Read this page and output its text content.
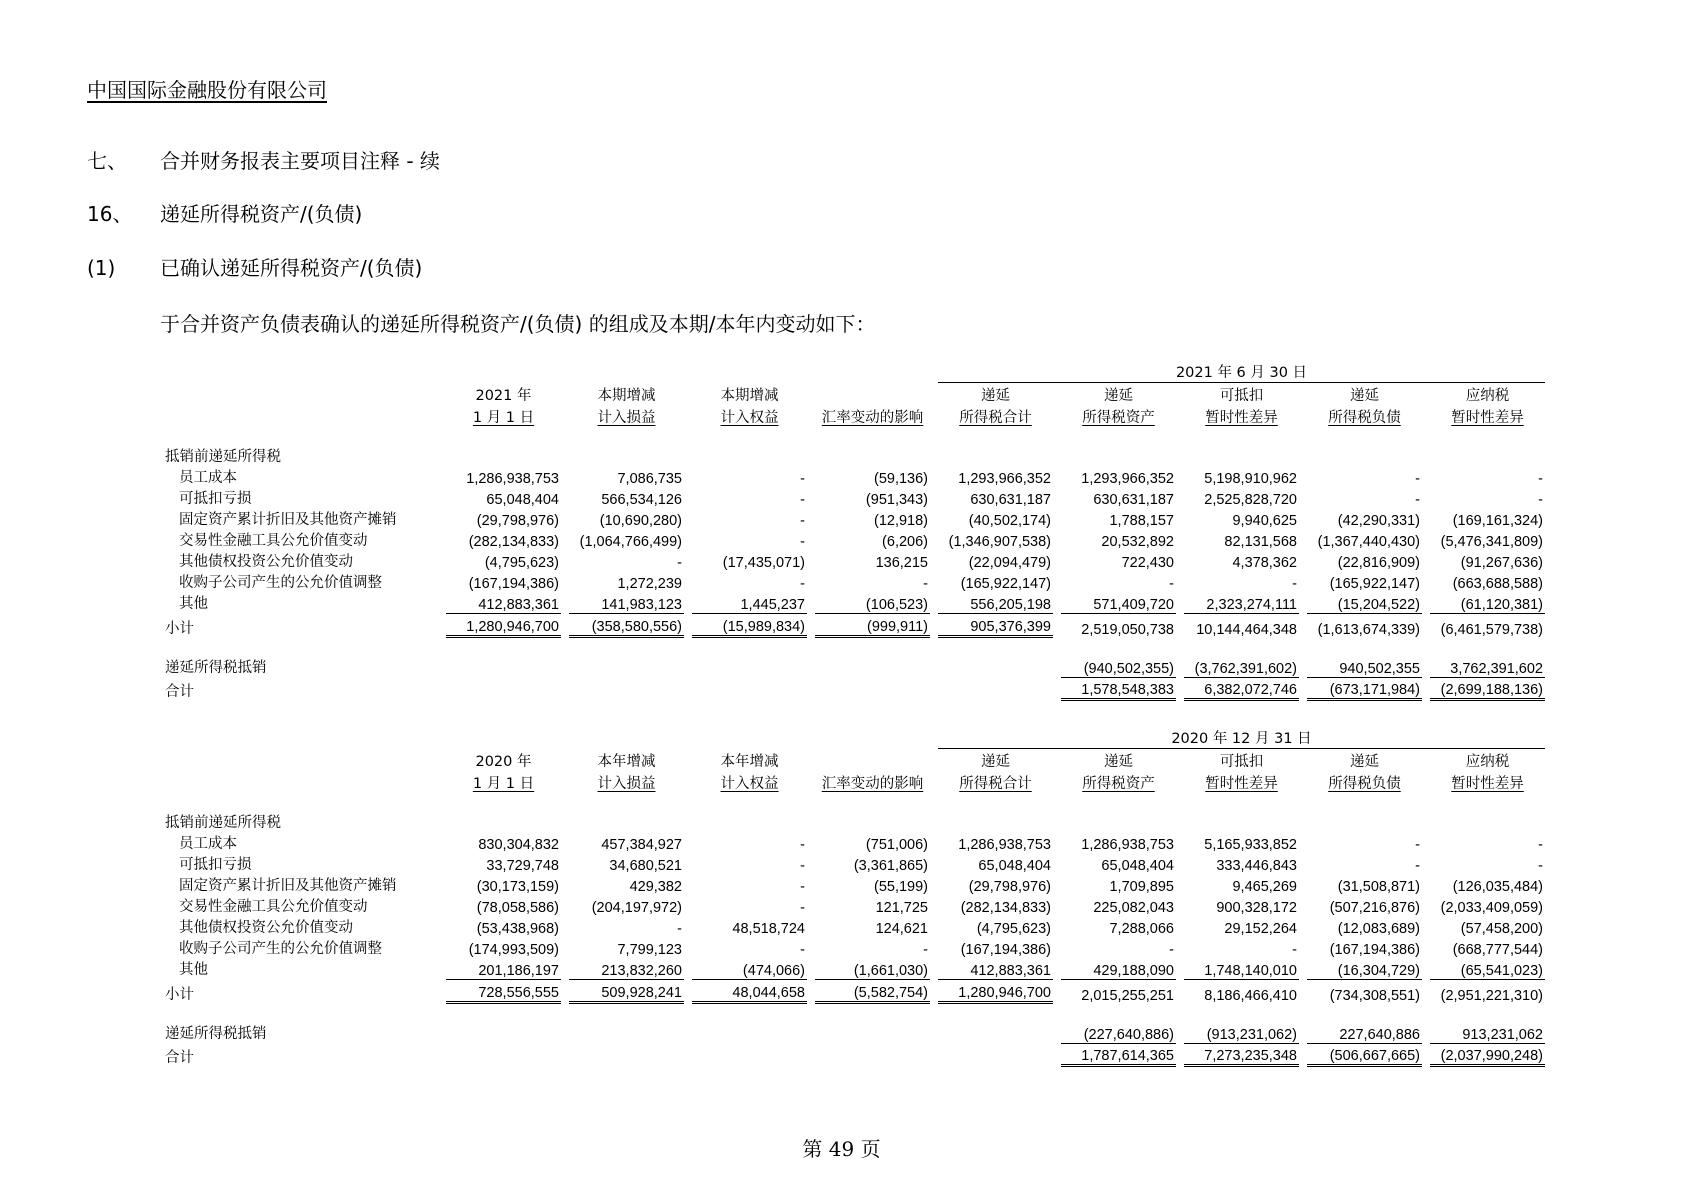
中国国际金融股份有限公司
七、 合并财务报表主要项目注释 - 续
16、 递延所得税资产/(负债)
(1) 已确认递延所得税资产/(负债)
于合并资产负债表确认的递延所得税资产/(负债) 的组成及本期/本年内变动如下：
					2021 年 6 月 30 日				
	2021 年	本期增减	本期增减		递延	递延	可抵扣	递延	应纳税
	1 月 1 日	计入损益	计入权益	汇率变动的影响	所得税合计	所得税资产	暂时性差异	所得税负债	暂时性差异

抵销前递延所得税									
员工成本	1,286,938,753	7,086,735	-	(59,136)	1,293,966,352	1,293,966,352	5,198,910,962	-	-
可抵扣亏损	65,048,404	566,534,126	-	(951,343)	630,631,187	630,631,187	2,525,828,720	-	-
固定资产累计折旧及其他资产摊销	(29,798,976)	(10,690,280)	-	(12,918)	(40,502,174)	1,788,157	9,940,625	(42,290,331)	(169,161,324)
交易性金融工具公允价值变动	(282,134,833)	(1,064,766,499)	-	(6,206)	(1,346,907,538)	20,532,892	82,131,568	(1,367,440,430)	(5,476,341,809)
其他债权投资公允价值变动	(4,795,623)	-	(17,435,071)	136,215	(22,094,479)	722,430	4,378,362	(22,816,909)	(91,267,636)
收购子公司产生的公允价值调整	(167,194,386)	1,272,239	-	-	(165,922,147)	-	-	(165,922,147)	(663,688,588)
其他	412,883,361	141,983,123	1,445,237	(106,523)	556,205,198	571,409,720	2,323,274,111	(15,204,522)	(61,120,381)
小计	1,280,946,700	(358,580,556)	(15,989,834)	(999,911)	905,376,399	2,519,050,738	10,144,464,348	(1,613,674,339)	(6,461,579,738)

递延所得税抵销						(940,502,355)	(3,762,391,602)	940,502,355	3,762,391,602
合计						1,578,548,383	6,382,072,746	(673,171,984)	(2,699,188,136)
					2020 年 12 月 31 日				
	2020 年	本年增减	本年增减		递延	递延	可抵扣	递延	应纳税
	1 月 1 日	计入损益	计入权益	汇率变动的影响	所得税合计	所得税资产	暂时性差异	所得税负债	暂时性差异

抵销前递延所得税									
员工成本	830,304,832	457,384,927	-	(751,006)	1,286,938,753	1,286,938,753	5,165,933,852	-	-
可抵扣亏损	33,729,748	34,680,521	-	(3,361,865)	65,048,404	65,048,404	333,446,843	-	-
固定资产累计折旧及其他资产摊销	(30,173,159)	429,382	-	(55,199)	(29,798,976)	1,709,895	9,465,269	(31,508,871)	(126,035,484)
交易性金融工具公允价值变动	(78,058,586)	(204,197,972)	-	121,725	(282,134,833)	225,082,043	900,328,172	(507,216,876)	(2,033,409,059)
其他债权投资公允价值变动	(53,438,968)	-	48,518,724	124,621	(4,795,623)	7,288,066	29,152,264	(12,083,689)	(57,458,200)
收购子公司产生的公允价值调整	(174,993,509)	7,799,123	-	-	(167,194,386)	-	-	(167,194,386)	(668,777,544)
其他	201,186,197	213,832,260	(474,066)	(1,661,030)	412,883,361	429,188,090	1,748,140,010	(16,304,729)	(65,541,023)
小计	728,556,555	509,928,241	48,044,658	(5,582,754)	1,280,946,700	2,015,255,251	8,186,466,410	(734,308,551)	(2,951,221,310)

递延所得税抵销						(227,640,886)	(913,231,062)	227,640,886	913,231,062
合计						1,787,614,365	7,273,235,348	(506,667,665)	(2,037,990,248)
第 49 页
